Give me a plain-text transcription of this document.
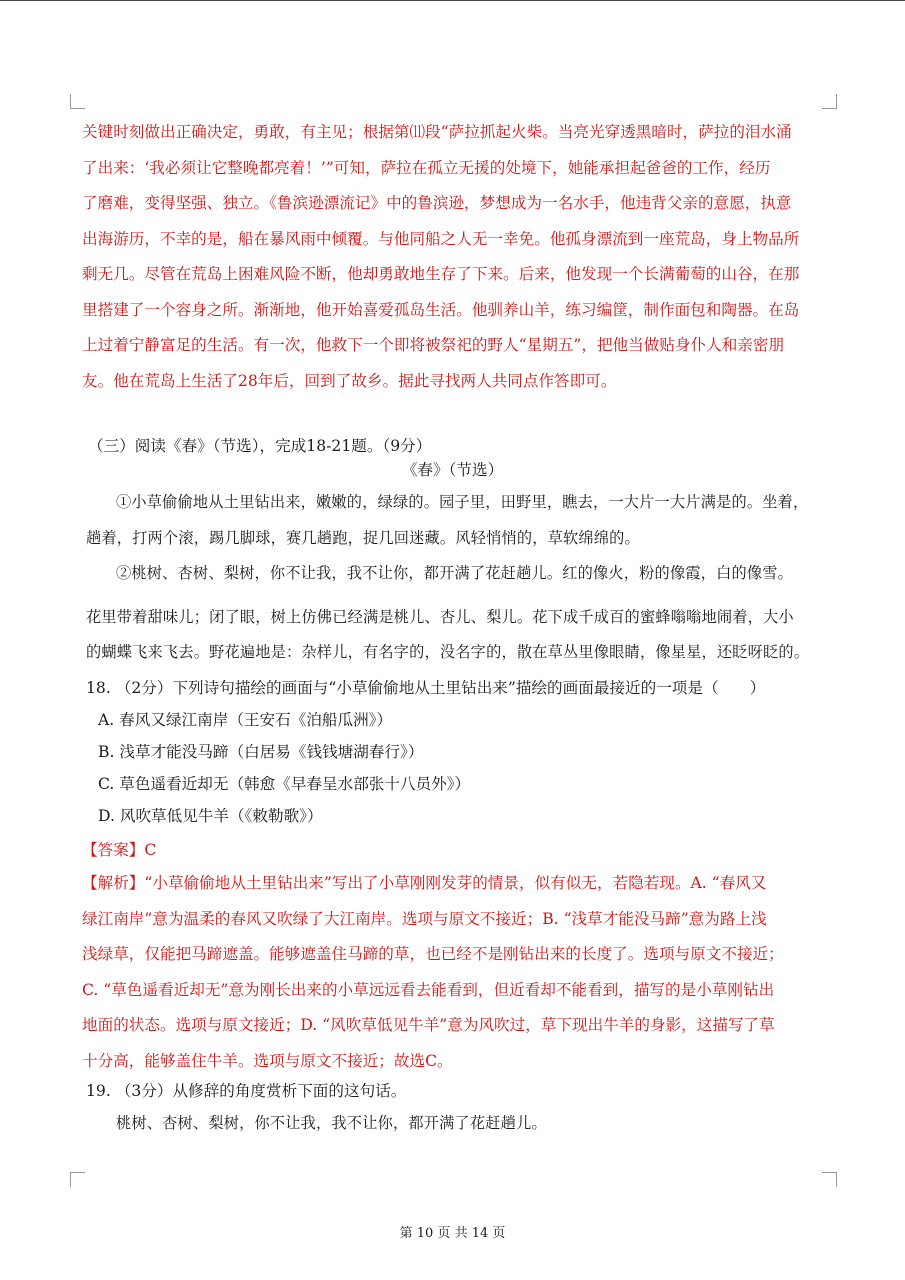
关键时刻做出正确决定，勇敢，有主见；根据第⑾段“萨拉抓起火柴。当亮光穿透黑暗时，萨拉的泪水涌
了出来：‘我必须让它整晚都亮着！’”可知，萨拉在孤立无援的处境下，她能承担起爸爸的工作，经历
了磨难，变得坚强、独立。《鲁滨逊漂流记》中的鲁滨逊，梦想成为一名水手，他违背父亲的意愿，执意
出海游历，不幸的是，船在暴风雨中倾覆。与他同船之人无一幸免。他孤身漂流到一座荒岛，身上物品所
剩无几。尽管在荒岛上困难风险不断，他却勇敢地生存了下来。后来，他发现一个长满葡萄的山谷，在那
里搭建了一个容身之所。渐渐地，他开始喜爱孤岛生活。他驯养山羊，练习编筐，制作面包和陶器。在岛
上过着宁静富足的生活。有一次，他救下一个即将被祭祀的野人“星期五”，把他当做贴身仆人和亲密朋
友。他在荒岛上生活了28年后，回到了故乡。据此寻找两人共同点作答即可。
（三）阅读《春》（节选），完成18-21题。（9分）
《春》（节选）
①小草偷偷地从土里钻出来，嫩嫩的，绿绿的。园子里，田野里，瞧去，一大片一大片满是的。坐着，
趟着，打两个滚，踢几脚球，赛几趟跑，捉几回迷藏。风轻悄悄的，草软绵绵的。
②桃树、杏树、梨树，你不让我，我不让你，都开满了花赶趟儿。红的像火，粉的像霞，白的像雪。
花里带着甜味儿；闭了眼，树上仿佛已经满是桃儿、杏儿、梨儿。花下成千成百的蜜蜂嗡嗡地闹着，大小
的蝴蝶飞来飞去。野花遍地是：杂样儿，有名字的，没名字的，散在草丛里像眼睛，像星星，还眨呀眨的。
18. （2分）下列诗句描绘的画面与“小草偷偷地从土里钻出来”描绘的画面最接近的一项是（　　）
A. 春风又绿江南岸（王安石《泊船瓜洲》）
B. 浅草才能没马蹄（白居易《钱钱塘湖春行》）
C. 草色遥看近却无（韩愈《早春呈水部张十八员外》）
D. 风吹草低见牛羊（《敕勒歌》）
【答案】C
【解析】“小草偷偷地从土里钻出来”写出了小草刚刚发芽的情景，似有似无，若隐若现。A. “春风又
绿江南岸”意为温柔的春风又吹绿了大江南岸。选项与原文不接近；B. “浅草才能没马蹄”意为路上浅
浅绿草，仅能把马蹄遮盖。能够遮盖住马蹄的草，也已经不是刚钻出来的长度了。选项与原文不接近；
C. “草色遥看近却无”意为刚长出来的小草远远看去能看到，但近看却不能看到，描写的是小草刚钻出
地面的状态。选项与原文接近；D. “风吹草低见牛羊”意为风吹过，草下现出牛羊的身影，这描写了草
十分高，能够盖住牛羊。选项与原文不接近；故选C。
19. （3分）从修辞的角度赏析下面的这句话。
桃树、杏树、梨树，你不让我，我不让你，都开满了花赶趟儿。
第 10 页 共 14 页
